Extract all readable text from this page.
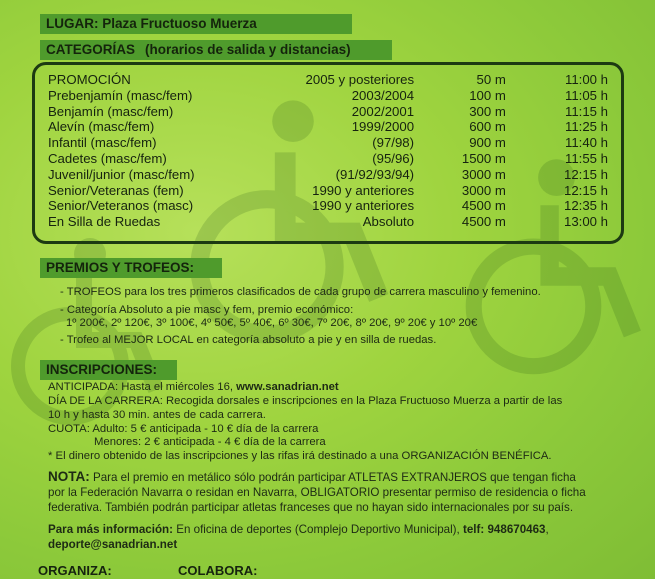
LUGAR: Plaza Fructuoso Muerza
CATEGORÍAS (horarios de salida y distancias)
PROMOCIÓN	2005 y posteriores	50 m	11:00 h
Prebenjamín (masc/fem)	2003/2004	100 m	11:05 h
Benjamín (masc/fem)	2002/2001	300 m	11:15 h
Alevín (masc/fem)	1999/2000	600 m	11:25 h
Infantil (masc/fem)	(97/98)	900 m	11:40 h
Cadetes (masc/fem)	(95/96)	1500 m	11:55 h
Juvenil/junior (masc/fem)	(91/92/93/94)	3000 m	12:15 h
Senior/Veteranas (fem)	1990 y anteriores	3000 m	12:15 h
Senior/Veteranos (masc)	1990 y anteriores	4500 m	12:35 h
En Silla de Ruedas	Absoluto	4500 m	13:00 h
PREMIOS Y TROFEOS:
- TROFEOS para los tres primeros clasificados de cada grupo de carrera masculino y femenino.
- Categoría Absoluto a pie masc y fem, premio económico:
1º 200€, 2º 120€, 3º 100€, 4º 50€, 5º 40€, 6º 30€, 7º 20€, 8º 20€, 9º 20€ y 10º 20€
- Trofeo al MEJOR LOCAL en categoría absoluto a pie y en silla de ruedas.
INSCRIPCIONES:
ANTICIPADA: Hasta el miércoles 16, www.sanadrian.net
DÍA DE LA CARRERA: Recogida dorsales e inscripciones en la Plaza Fructuoso Muerza a partir de las
10 h y hasta 30 min. antes de cada carrera.
CUOTA: Adulto: 5 € anticipada - 10 € día de la carrera
Menores: 2 € anticipada - 4 € día de la carrera
* El dinero obtenido de las inscripciones y las rifas irá destinado a una ORGANIZACIÓN BENÉFICA.
NOTA: Para el premio en metálico sólo podrán participar ATLETAS EXTRANJEROS que tengan ficha
por la Federación Navarra o residan en Navarra, OBLIGATORIO presentar permiso de residencia o ficha
federativa. También podrán participar atletas franceses que no hayan sido internacionales por su país.
Para más información: En oficina de deportes (Complejo Deportivo Municipal), telf: 948670463,
deporte@sanadrian.net
ORGANIZA:	COLABORA:
